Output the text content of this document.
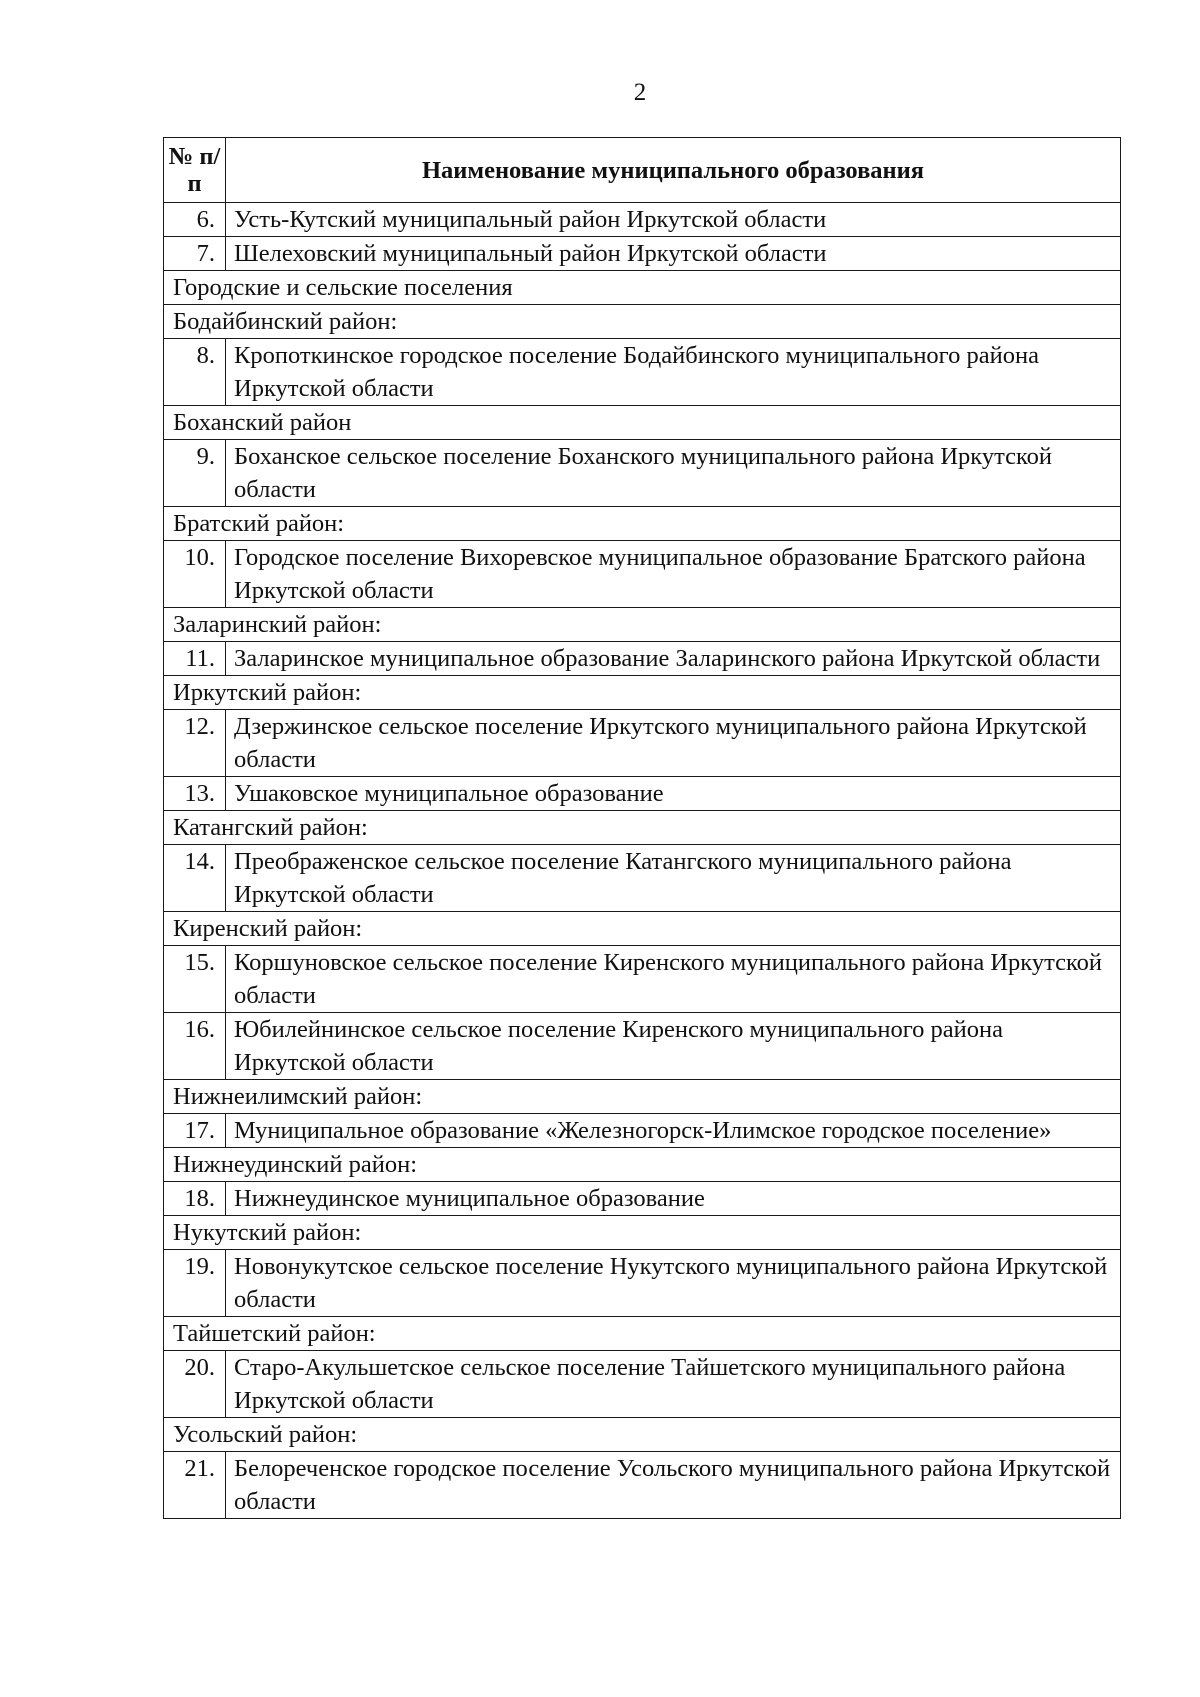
2
№ п/п	Наименование муниципального образования
6.	Усть-Кутский муниципальный район Иркутской области
7.	Шелеховский муниципальный район Иркутской области
Городские и сельские поселения	
Бодайбинский район:	
8.	Кропоткинское городское поселение Бодайбинского муниципального района Иркутской области
Боханский район	
9.	Боханское сельское поселение Боханского муниципального района Иркутской области
Братский район:	
10.	Городское поселение Вихоревское муниципальное образование Братского района Иркутской области
Заларинский район:	
11.	Заларинское муниципальное образование Заларинского района Иркутской области
Иркутский район:	
12.	Дзержинское сельское поселение Иркутского муниципального района Иркутской области
13.	Ушаковское муниципальное образование
Катангский район:	
14.	Преображенское сельское поселение Катангского муниципального района Иркутской области
Киренский район:	
15.	Коршуновское сельское поселение Киренского муниципального района Иркутской области
16.	Юбилейнинское сельское поселение Киренского муниципального района Иркутской области
Нижнеилимский район:	
17.	Муниципальное образование «Железногорск-Илимское городское поселение»
Нижнеудинский район:	
18.	Нижнеудинское муниципальное образование
Нукутский район:	
19.	Новонукутское сельское поселение Нукутского муниципального района Иркутской области
Тайшетский район:	
20.	Старо-Акульшетское сельское поселение Тайшетского муниципального района Иркутской области
Усольский район:	
21.	Белореченское городское поселение Усольского муниципального района Иркутской области
